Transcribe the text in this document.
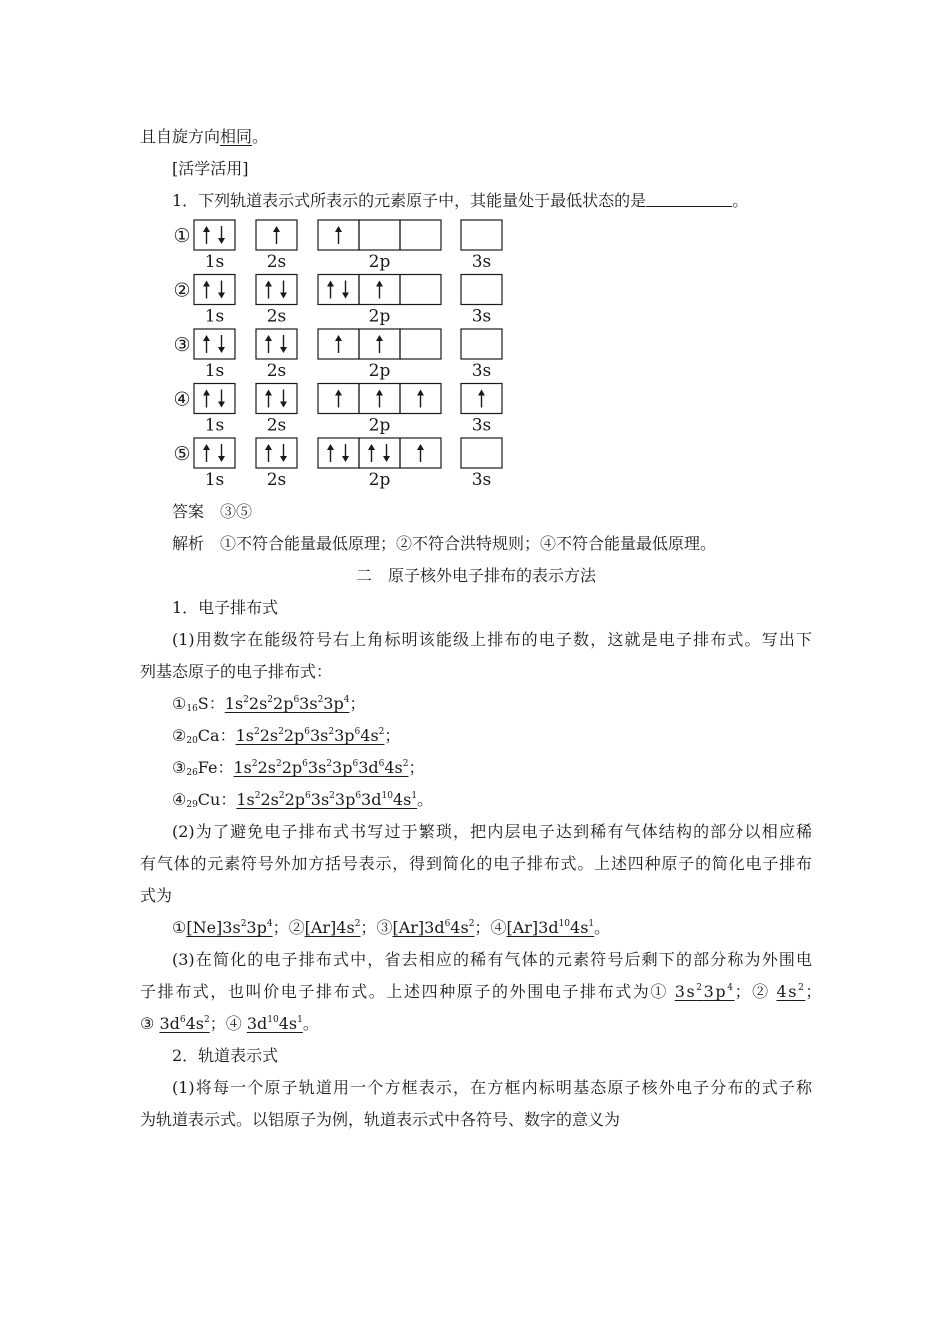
且自旋方向相同。
[活学活用]
1．下列轨道表示式所表示的元素原子中，其能量处于最低状态的是	。
①
1s 2s	2p	3s
②
1s 2s	2p	3s
③
1s 2s	2p	3s
④
1s 2s	2p	3s
⑤
1s 2s	2p	3s
答案　 ③⑤
解析　 ①不符合能量最低原理；②不符合洪特规则；④不符合能量最低原理。
二　原子核外电子排布的表示方法
1．电子排布式
(1)用数字在能级符号右上角标明该能级上排布的电子数，这就是电子排布式。写出下
列基态原子的电子排布式：
$①_{16}S$：$1s^22s^22p^63s^23p^4$；
$②_{20}Ca$：$1s^22s^22p^63s^23p^64s^2$；
$③_{26}Fe$：$1s^22s^22p^63s^23p^63d^64s^2$；
$④_{29}Cu$：$1s^22s^22p^63s^23p^63d^{10}4s^1$。
(2)为了避免电子排布式书写过于繁琐，把内层电子达到稀有气体结构的部分以相应稀
有气体的元素符号外加方括号表示，得到简化的电子排布式。上述四种原子的简化电子排布
式为
$①[Ne]3s^23p^4$；$②[Ar]4s^2$；$③[Ar]3d^64s^2$；$④[Ar]3d^{10}4s^1$。
(3)在简化的电子排布式中，省去相应的稀有气体的元素符号后剩下的部分称为外围电
子排布式，也叫价电子排布式。上述四种原子的外围电子排布式为① $3s^23p^4$；② $4s^2$；
③ $3d^64s^2$；④ $3d^{10}4s^1$。
2．轨道表示式
(1)将每一个原子轨道用一个方框表示，在方框内标明基态原子核外电子分布的式子称
为轨道表示式。以铝原子为例，轨道表示式中各符号、数字的意义为
